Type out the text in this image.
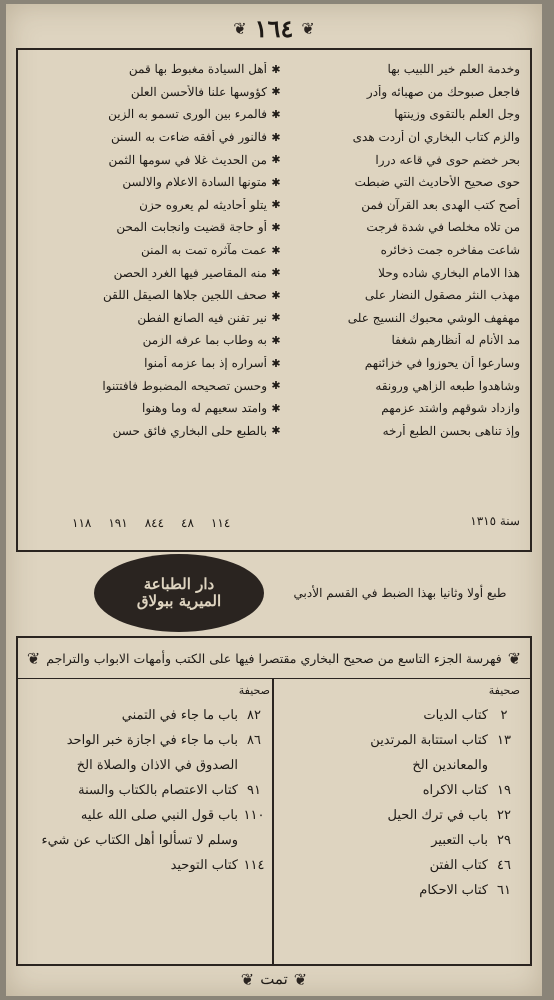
❦ ١٦٤ ❦
وخدمة العلم خير اللبيب بها
✱
أهل السيادة مغبوط بها قمن
فاجعل صبوحك من صهبائه وأدر
✱
كؤوسها علنا فالأحسن العلن
وجل العلم بالتقوى وزينتها
✱
فالمرء بين الورى تسمو به الزين
والزم كتاب البخاري ان أردت هدى
✱
فالنور في أفقه ضاءت به السنن
بحر خضم حوى في قاعه دررا
✱
من الحديث غلا في سومها الثمن
حوى صحيح الأحاديث التي ضبطت
✱
متونها السادة الاعلام والالسن
أصح كتب الهدى بعد القرآن فمن
✱
يتلو أحاديثه لم يعروه حزن
من تلاه مخلصا في شدة فرجت
✱
أو حاجة قضيت وانجابت المحن
شاعت مفاخره جمت ذخائره
✱
عمت مآثره تمت به المنن
هذا الامام البخاري شاده وحلا
✱
منه المقاصير فيها الغرد الحصن
مهذب النثر مصقول النضار على
✱
صحف اللجين جلاها الصيقل اللقن
مهفهف الوشي محبوك النسيج على
✱
نير تفنن فيه الصانع الفطن
مد الأنام له أنظارهم شغفا
✱
به وطاب بما عرفه الزمن
وسارعوا أن يحوزوا في خزائنهم
✱
أسراره إذ بما عزمه أمنوا
وشاهدوا طبعه الزاهي ورونقه
✱
وحسن تصحيحه المضبوط فافتتنوا
وازداد شوقهم واشتد عزمهم
✱
وامتد سعيهم له وما وهنوا
وإذ تناهى بحسن الطبع أرخه
✱
بالطبع حلى البخاري فائق حسن
سنة ١٣١٥
١١٨ ١٩١ ٨٤٤ ٤٨ ١١٤
دار الطباعة
الميرية ببولاق	طبع أولا وثانيا بهذا الضبط في القسم الأدبي
❦
فهرسة الجزء التاسع من صحيح البخاري مقتصرا فيها على الكتب وأمهات الابواب والتراجم
❦
صحيفة
٢
كتاب الديات
١٣
كتاب استتابة المرتدين
والمعاندين الخ
١٩
كتاب الاكراه
٢٢
باب في ترك الحيل
٢٩
باب التعبير
٤٦
كتاب الفتن
٦١
كتاب الاحكام
صحيفة
٨٢
باب ما جاء في التمني
٨٦
باب ما جاء في اجازة خبر الواحد
الصدوق في الاذان والصلاة الخ
٩١
كتاب الاعتصام بالكتاب والسنة
١١٠
باب قول النبي صلى الله عليه
وسلم لا تسألوا أهل الكتاب عن شيء
١١٤
كتاب التوحيد
❦ تمت ❦
